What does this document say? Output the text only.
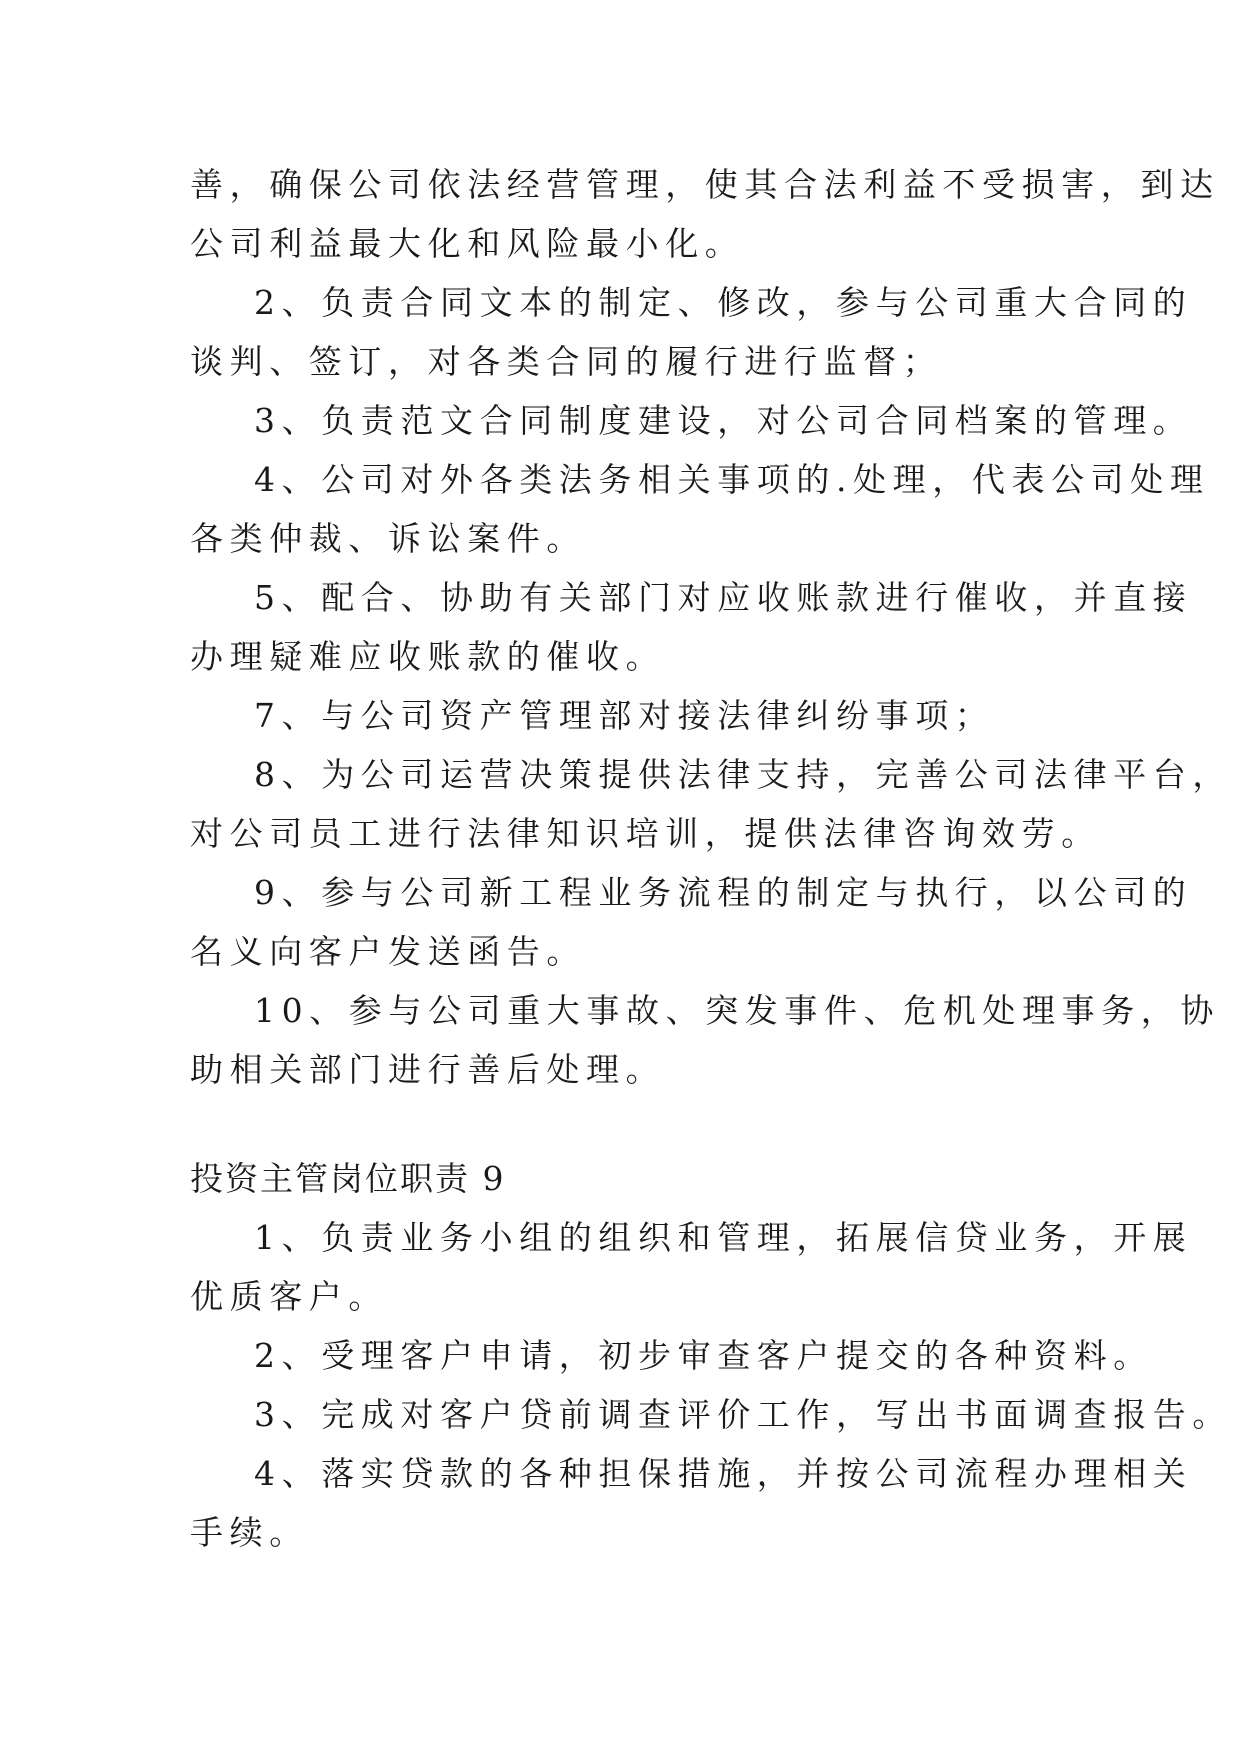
善，确保公司依法经营管理，使其合法利益不受损害，到达
公司利益最大化和风险最小化。
2、负责合同文本的制定、修改，参与公司重大合同的
谈判、签订，对各类合同的履行进行监督；
3、负责范文合同制度建设，对公司合同档案的管理。
4、公司对外各类法务相关事项的.处理，代表公司处理
各类仲裁、诉讼案件。
5、配合、协助有关部门对应收账款进行催收，并直接
办理疑难应收账款的催收。
7、与公司资产管理部对接法律纠纷事项；
8、为公司运营决策提供法律支持，完善公司法律平台，
对公司员工进行法律知识培训，提供法律咨询效劳。
9、参与公司新工程业务流程的制定与执行，以公司的
名义向客户发送函告。
10、参与公司重大事故、突发事件、危机处理事务，协
助相关部门进行善后处理。
投资主管岗位职责 9
1、负责业务小组的组织和管理，拓展信贷业务，开展
优质客户。
2、受理客户申请，初步审查客户提交的各种资料。
3、完成对客户贷前调查评价工作，写出书面调查报告。
4、落实贷款的各种担保措施，并按公司流程办理相关
手续。
